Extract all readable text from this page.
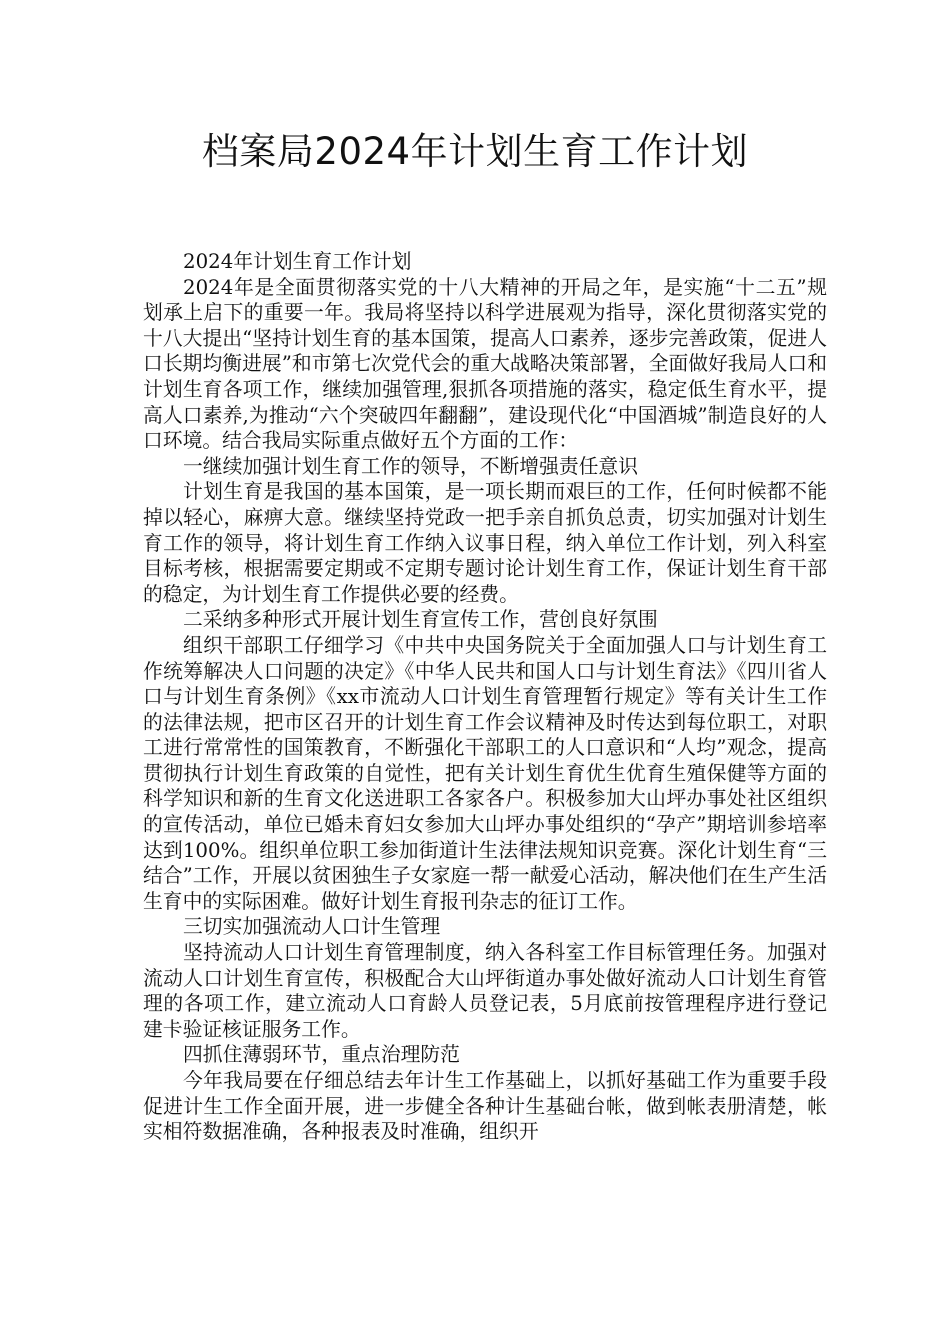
档案局2024年计划生育工作计划

2024年计划生育工作计划

2024年是全面贯彻落实党的十八大精神的开局之年，是实施“十二五”规划承上启下的重要一年。我局将坚持以科学进展观为指导，深化贯彻落实党的十八大提出“坚持计划生育的基本国策，提高人口素养，逐步完善政策，促进人口长期均衡进展”和市第七次党代会的重大战略决策部署，全面做好我局人口和计划生育各项工作，继续加强管理,狠抓各项措施的落实，稳定低生育水平，提高人口素养,为推动“六个突破四年翻翻”，建设现代化“中国酒城”制造良好的人口环境。结合我局实际重点做好五个方面的工作：

一继续加强计划生育工作的领导，不断增强责任意识

计划生育是我国的基本国策，是一项长期而艰巨的工作，任何时候都不能掉以轻心，麻痹大意。继续坚持党政一把手亲自抓负总责，切实加强对计划生育工作的领导，将计划生育工作纳入议事日程，纳入单位工作计划，列入科室目标考核，根据需要定期或不定期专题讨论计划生育工作，保证计划生育干部的稳定，为计划生育工作提供必要的经费。

二采纳多种形式开展计划生育宣传工作，营创良好氛围

组织干部职工仔细学习《中共中央国务院关于全面加强人口与计划生育工作统筹解决人口问题的决定》《中华人民共和国人口与计划生育法》《四川省人口与计划生育条例》《xx市流动人口计划生育管理暂行规定》等有关计生工作的法律法规，把市区召开的计划生育工作会议精神及时传达到每位职工，对职工进行常常性的国策教育，不断强化干部职工的人口意识和“人均”观念，提高贯彻执行计划生育政策的自觉性，把有关计划生育优生优育生殖保健等方面的科学知识和新的生育文化送进职工各家各户。积极参加大山坪办事处社区组织的宣传活动，单位已婚未育妇女参加大山坪办事处组织的“孕产”期培训参培率达到100%。组织单位职工参加街道计生法律法规知识竞赛。深化计划生育“三结合”工作，开展以贫困独生子女家庭一帮一献爱心活动，解决他们在生产生活生育中的实际困难。做好计划生育报刊杂志的征订工作。

三切实加强流动人口计生管理

坚持流动人口计划生育管理制度，纳入各科室工作目标管理任务。加强对流动人口计划生育宣传，积极配合大山坪街道办事处做好流动人口计划生育管理的各项工作，建立流动人口育龄人员登记表，5月底前按管理程序进行登记建卡验证核证服务工作。

四抓住薄弱环节，重点治理防范

今年我局要在仔细总结去年计生工作基础上，以抓好基础工作为重要手段促进计生工作全面开展，进一步健全各种计生基础台帐，做到帐表册清楚，帐实相符数据准确，各种报表及时准确，组织开
